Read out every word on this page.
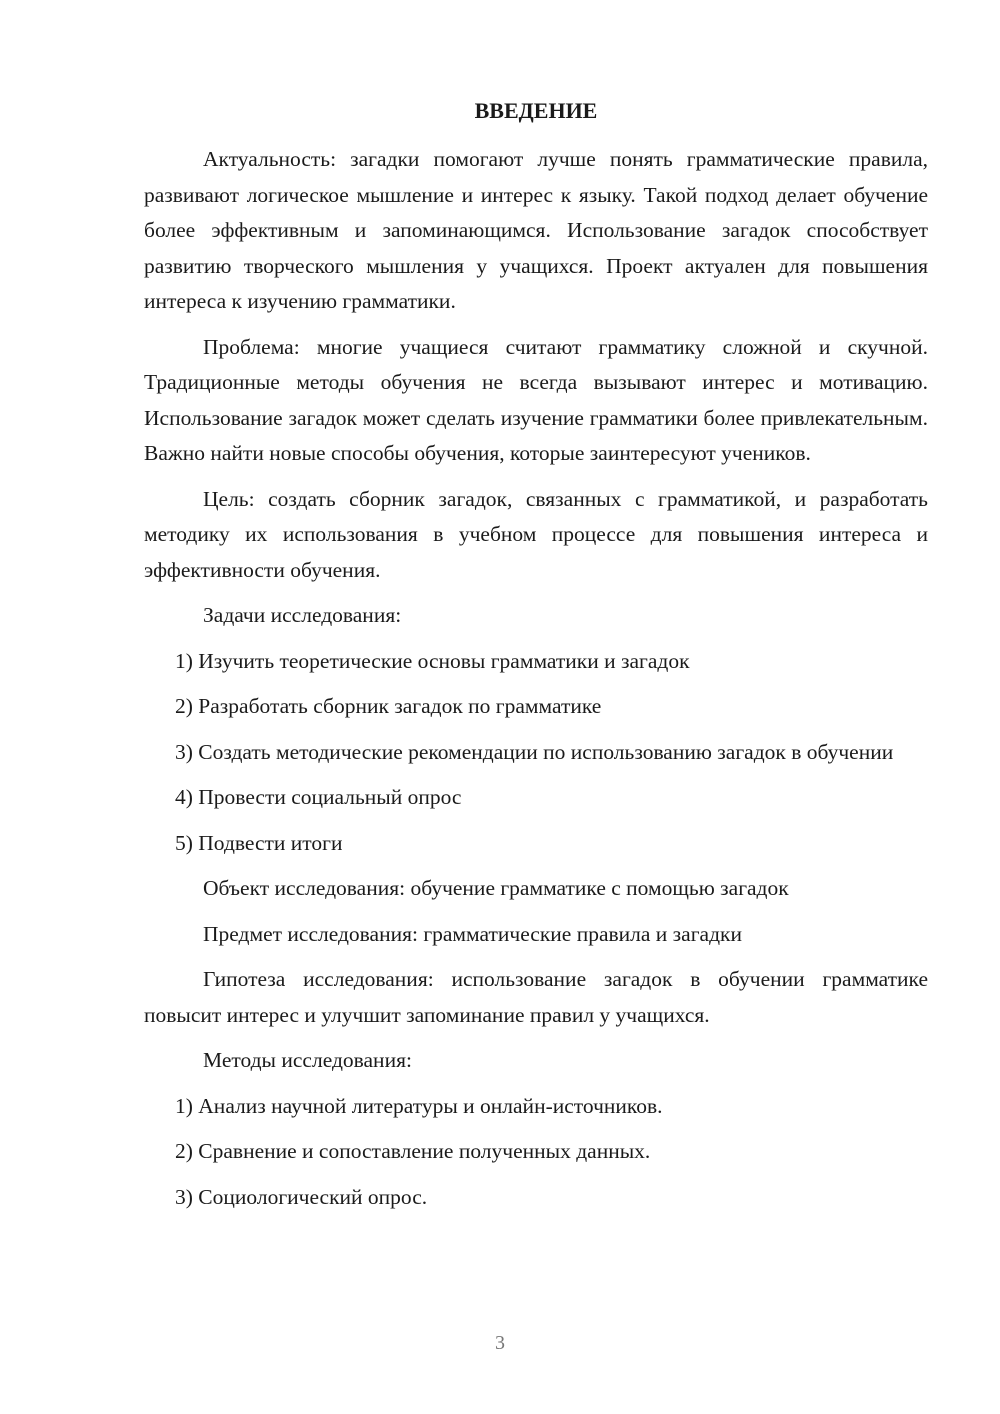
ВВЕДЕНИЕ

Актуальность: загадки помогают лучше понять грамматические правила, развивают логическое мышление и интерес к языку. Такой подход делает обучение более эффективным и запоминающимся. Использование загадок способствует развитию творческого мышления у учащихся. Проект актуален для повышения интереса к изучению грамматики.

Проблема: многие учащиеся считают грамматику сложной и скучной. Традиционные методы обучения не всегда вызывают интерес и мотивацию. Использование загадок может сделать изучение грамматики более привлекательным. Важно найти новые способы обучения, которые заинтересуют учеников.

Цель: создать сборник загадок, связанных с грамматикой, и разработать методику их использования в учебном процессе для повышения интереса и эффективности обучения.

Задачи исследования:

1) Изучить теоретические основы грамматики и загадок

2) Разработать сборник загадок по грамматике

3) Создать методические рекомендации по использованию загадок в обучении

4) Провести социальный опрос

5) Подвести итоги

Объект исследования: обучение грамматике с помощью загадок

Предмет исследования: грамматические правила и загадки

Гипотеза исследования: использование загадок в обучении грамматике повысит интерес и улучшит запоминание правил у учащихся.

Методы исследования:

1) Анализ научной литературы и онлайн-источников.

2) Сравнение и сопоставление полученных данных.

3) Социологический опрос.

3
